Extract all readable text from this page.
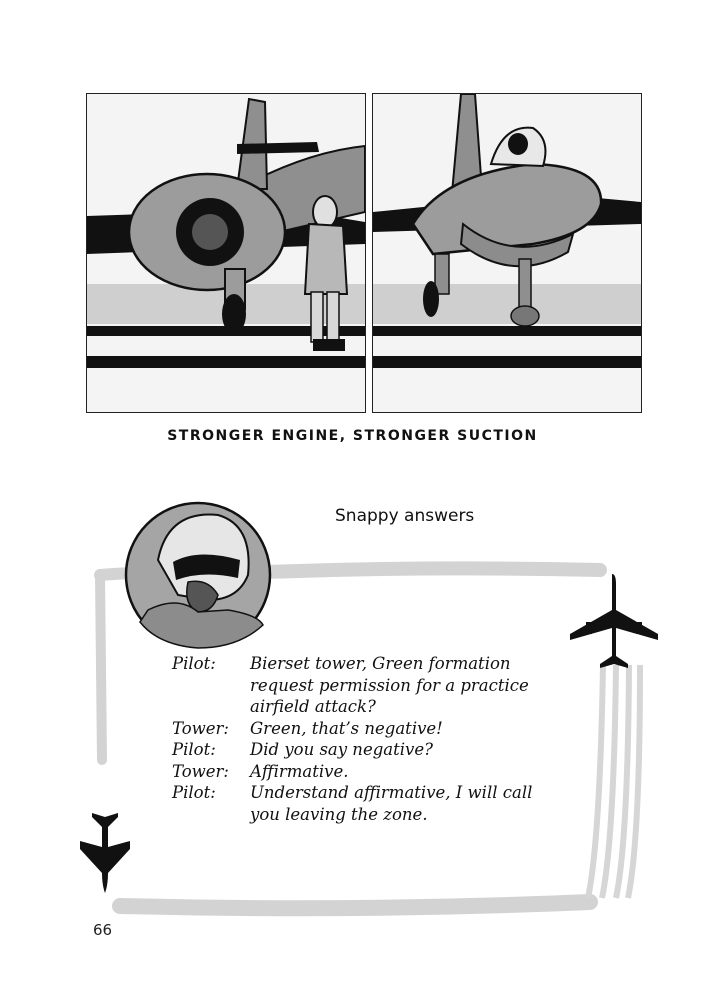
STRONGER ENGINE, STRONGER SUCTION
Snappy answers
Pilot:	Bierset tower, Green formation
request permission for a practice
airfield attack?
Tower:	Green, that’s negative!
Pilot:	Did you say negative?
Tower:	Affirmative.
Pilot:	Understand affirmative, I will call
you leaving the zone.
66
